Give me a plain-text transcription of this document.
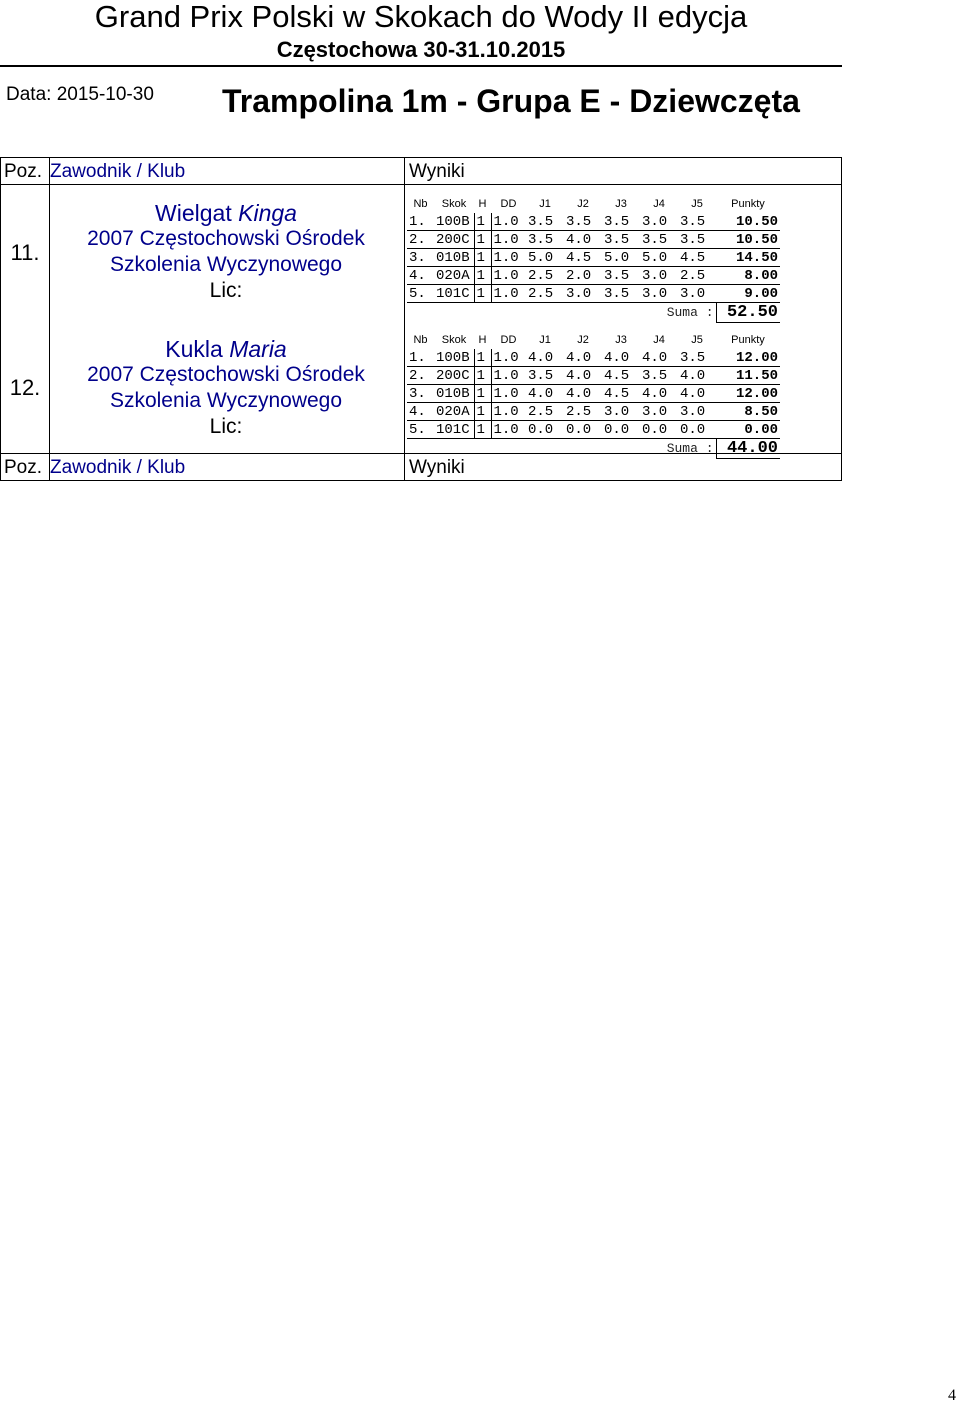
Grand Prix Polski w Skokach do Wody II edycja
Częstochowa 30-31.10.2015
Data: 2015-10-30 Trampolina 1m - Grupa E - Dziewczęta
Poz. Zawodnik / Klub	Wyniki
11.
Wielgat Kinga
2007 Częstochowski Ośrodek
Szkolenia Wyczynowego
Lic:
Nb	Skok	H	DD	J1	J2	J3	J4	J5	Punkty
1.	100B	1	1.0	3.5	3.5	3.5	3.0	3.5	10.50
2.	200C	1	1.0	3.5	4.0	3.5	3.5	3.5	10.50
3.	010B	1	1.0	5.0	4.5	5.0	5.0	4.5	14.50
4.	020A	1	1.0	2.5	2.0	3.5	3.0	2.5	8.00
5.	101C	1	1.0	2.5	3.0	3.5	3.0	3.0	9.00
Suma :									52.50
12.
Kukla Maria
2007 Częstochowski Ośrodek
Szkolenia Wyczynowego
Lic:
Nb	Skok	H	DD	J1	J2	J3	J4	J5	Punkty
1.	100B	1	1.0	4.0	4.0	4.0	4.0	3.5	12.00
2.	200C	1	1.0	3.5	4.0	4.5	3.5	4.0	11.50
3.	010B	1	1.0	4.0	4.0	4.5	4.0	4.0	12.00
4.	020A	1	1.0	2.5	2.5	3.0	3.0	3.0	8.50
5.	101C	1	1.0	0.0	0.0	0.0	0.0	0.0	0.00
Suma :									44.00
Poz. Zawodnik / Klub	Wyniki
4
